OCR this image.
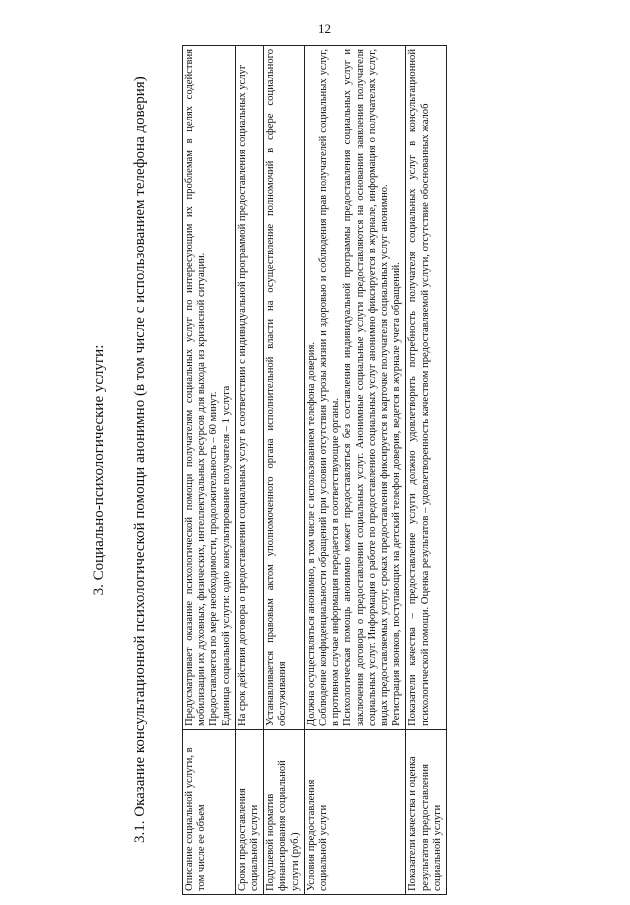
12
3. Социально-психологические услуги: 3.1. Оказание консультационной психологической помощи анонимно (в том числе с использованием телефона доверия)	Описание социальной услуги, в том числе ее объем	Предусматривает оказание психологической помощи получателям социальных услуг по интересующим их проблемам в целях содействия мобилизации их духовных, физических, интеллектуальных ресурсов для выхода из кризисной ситуации. Предоставляется по мере необходимости, продолжительность – 60 минут. Единица социальной услуги: одно консультирование получателя – 1 услуга

Сроки предоставления социальной услуги	На срок действия договора о предоставлении социальных услуг в соответствии с индивидуальной программой предоставления социальных услуг

Подушевой норматив финансирования социальной услуги (руб.)	Устанавливается правовым актом уполномоченного органа исполнительной власти на осуществление полномочий в сфере социального обслуживания

Условия предоставления социальной услуги	Должна осуществляться анонимно, в том числе с использованием телефона доверия. Соблюдение конфиденциальности обращений при условии отсутствия угрозы жизни и здоровью и соблюдения прав получателей социальных услуг, в противном случае информация передается в соответствующие органы. Психологическая помощь анонимно может предоставляться без составления индивидуальной программы предоставления социальных услуг и заключения договора о предоставлении социальных услуг. Анонимные социальные услуги предоставляются на основании заявления получателя социальных услуг. Информация о работе по предоставлению социальных услуг анонимно фиксируется в журнале, информация о получателях услуг, видах предоставляемых услуг, сроках предоставления фиксируется в карточке получателя социальных услуг анонимно. Регистрация звонков, поступающих на детский телефон доверия, ведется в журнале учета обращений.

Показатели качества и оценка результатов предоставления социальной услуги	Показатели качества – предоставление услуги должно удовлетворить потребность получателя социальных услуг в консультационной психологической помощи. Оценка результатов – удовлетворенность качеством предоставляемой услуги, отсутствие обоснованных жалоб
